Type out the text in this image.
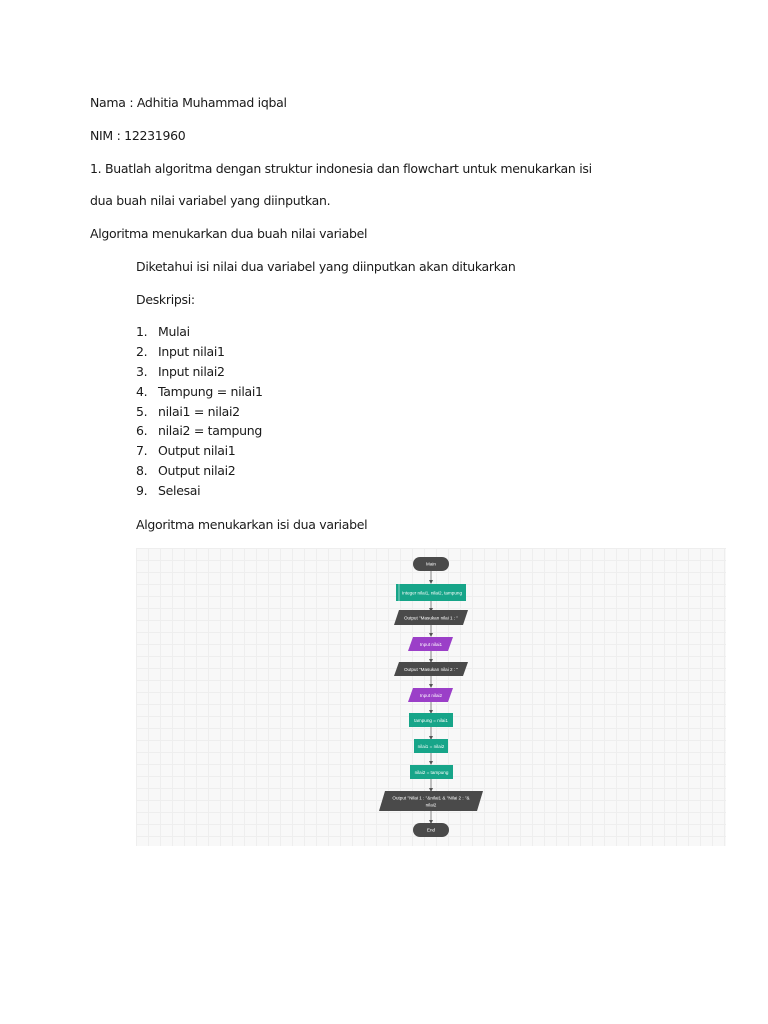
Nama : Adhitia Muhammad iqbal
NIM : 12231960
1. Buatlah algoritma dengan struktur indonesia dan flowchart untuk menukarkan isi
dua buah nilai variabel yang diinputkan.
Algoritma menukarkan dua buah nilai variabel
Diketahui isi nilai dua variabel yang diinputkan akan ditukarkan
Deskripsi:
1. Mulai
2. Input nilai1
3. Input nilai2
4. Tampung = nilai1
5. nilai1 = nilai2
6. nilai2 = tampung
7. Output nilai1
8. Output nilai2
9. Selesai
Algoritma menukarkan isi dua variabel
Main
Integer nilai1, nilai2, tampung
Output "Masukan nilai 1 : "
Input nilai1
Output "Masukan nilai 2 : "
Input nilai2
tampung = nilai1
nilai1 = nilai2
nilai2 = tampung
Output "Nilai 1 : "&nilai1 & "Nilai 2 : "&
nilai2
End
